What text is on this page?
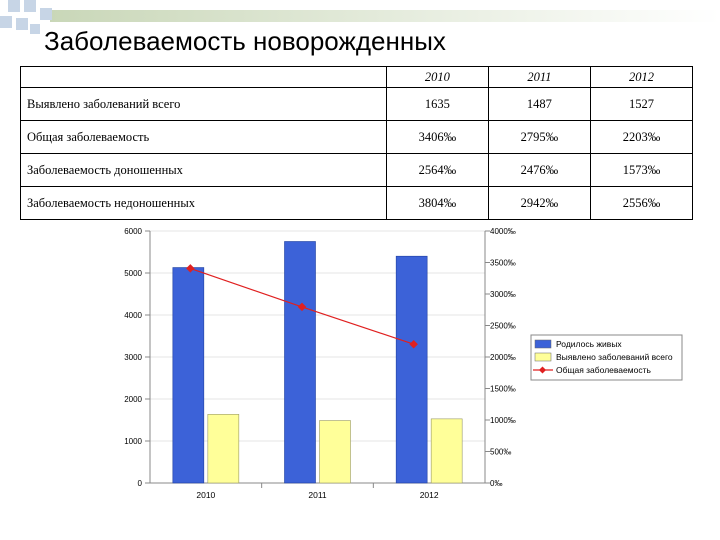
Заболеваемость новорожденных
	2010	2011	2012
Выявлено заболеваний всего	1635	1487	1527
Общая заболеваемость	3406‰	2795‰	2203‰
Заболеваемость доношенных	2564‰	2476‰	1573‰
Заболеваемость недоношенных	3804‰	2942‰	2556‰
0
1000
2000
3000
4000
5000
6000
0‰
500‰
1000‰
1500‰
2000‰
2500‰
3000‰
3500‰
4000‰
2010	2011	2012
Родилось живых
Выявлено заболеваний всего
Общая заболеваемость
